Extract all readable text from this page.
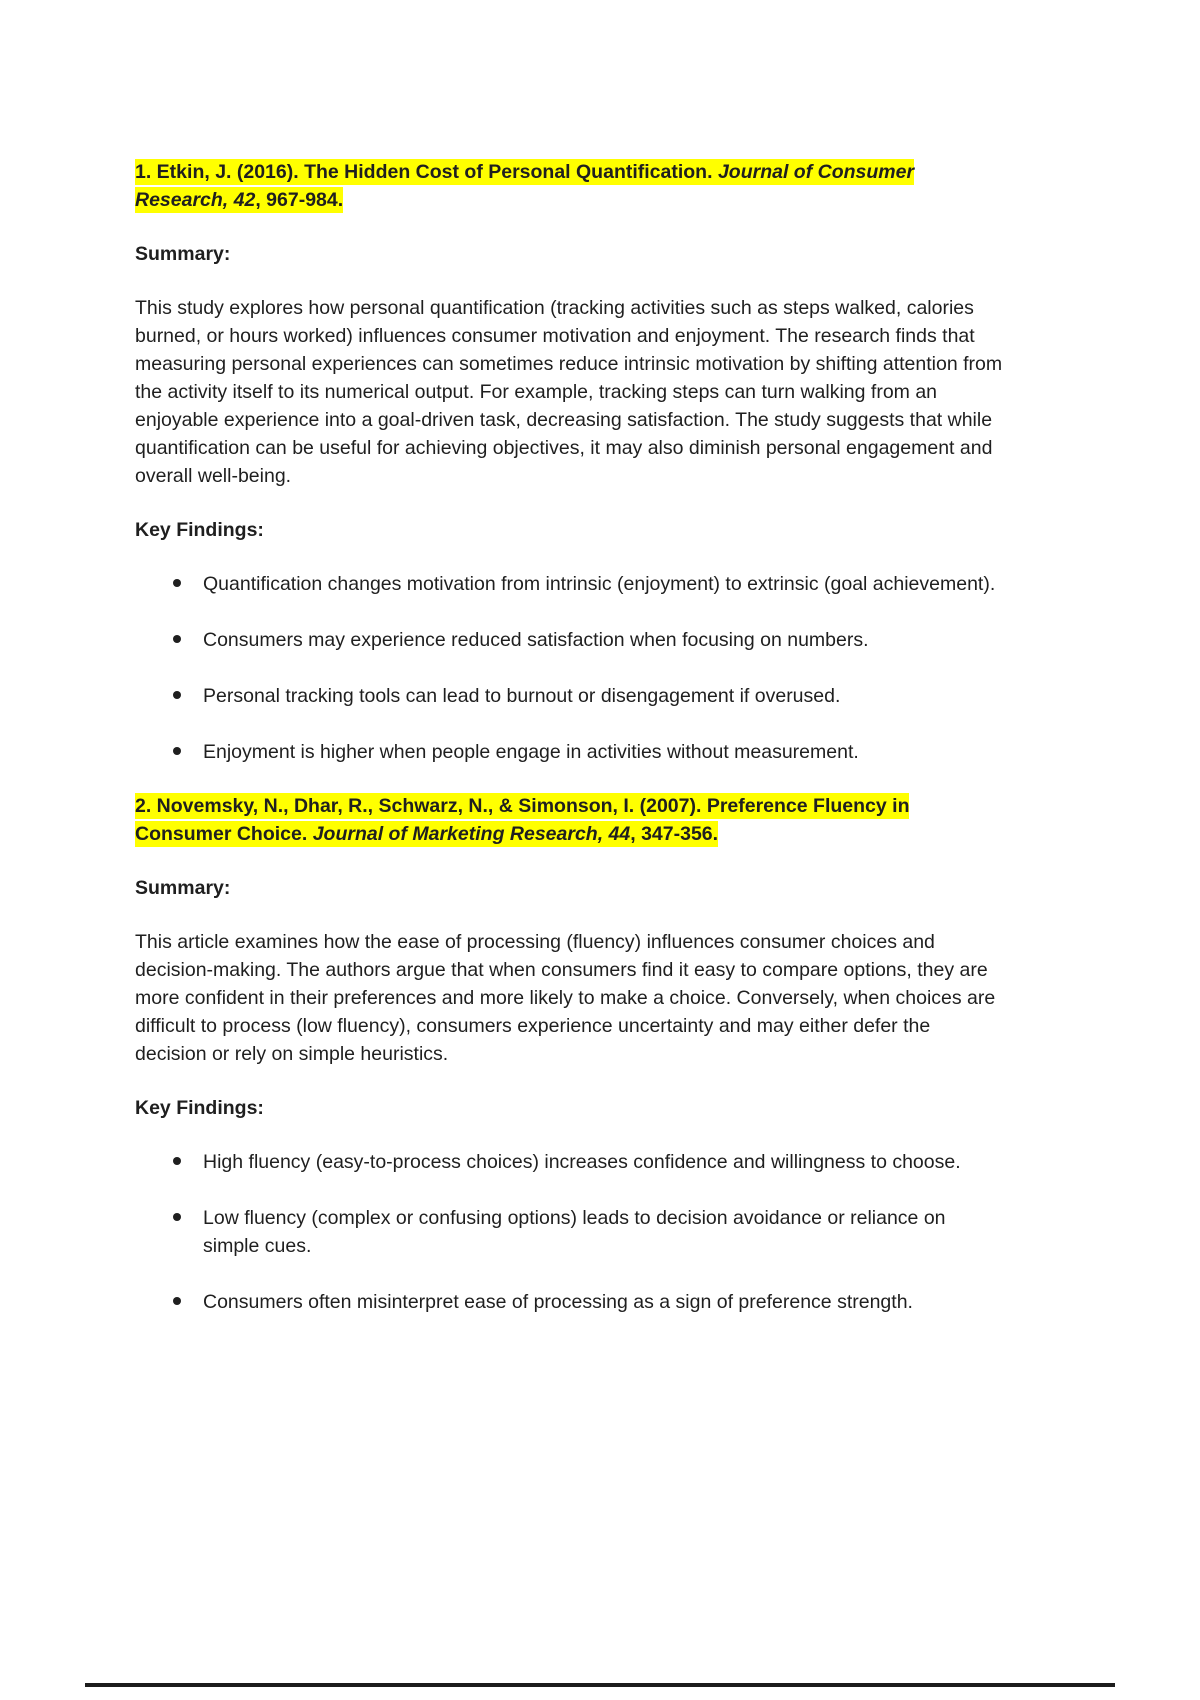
1. Etkin, J. (2016). The Hidden Cost of Personal Quantification. Journal of Consumer Research, 42, 967-984.

Summary:

This study explores how personal quantification (tracking activities such as steps walked, calories burned, or hours worked) influences consumer motivation and enjoyment. The research finds that measuring personal experiences can sometimes reduce intrinsic motivation by shifting attention from the activity itself to its numerical output. For example, tracking steps can turn walking from an enjoyable experience into a goal-driven task, decreasing satisfaction. The study suggests that while quantification can be useful for achieving objectives, it may also diminish personal engagement and overall well-being.

Key Findings:

Quantification changes motivation from intrinsic (enjoyment) to extrinsic (goal achievement).
Consumers may experience reduced satisfaction when focusing on numbers.
Personal tracking tools can lead to burnout or disengagement if overused.
Enjoyment is higher when people engage in activities without measurement.

2. Novemsky, N., Dhar, R., Schwarz, N., & Simonson, I. (2007). Preference Fluency in Consumer Choice. Journal of Marketing Research, 44, 347-356.

Summary:

This article examines how the ease of processing (fluency) influences consumer choices and decision-making. The authors argue that when consumers find it easy to compare options, they are more confident in their preferences and more likely to make a choice. Conversely, when choices are difficult to process (low fluency), consumers experience uncertainty and may either defer the decision or rely on simple heuristics.

Key Findings:

High fluency (easy-to-process choices) increases confidence and willingness to choose.
Low fluency (complex or confusing options) leads to decision avoidance or reliance on simple cues.
Consumers often misinterpret ease of processing as a sign of preference strength.
